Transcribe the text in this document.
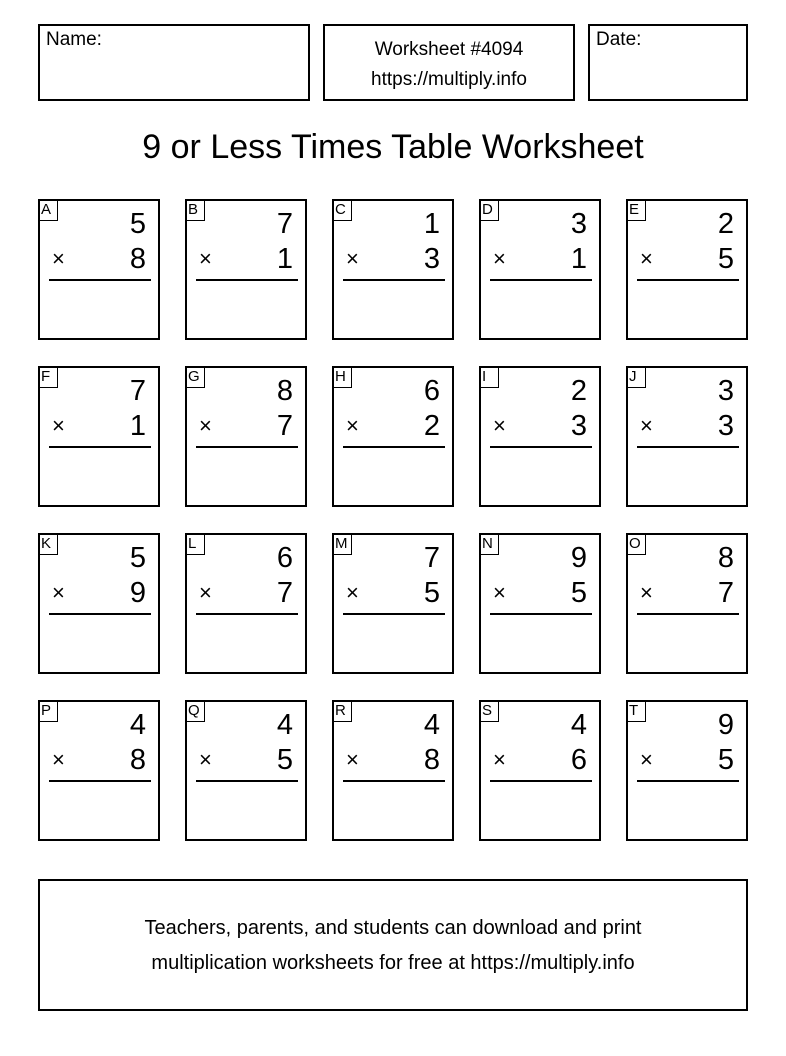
Name:	Worksheet #4094
https://multiply.info
Date:
9 or Less Times Table Worksheet
A	5
× 8
B	7
× 1
C	1
× 3
D	3
× 1
E	2
× 5
F	7
× 1
G	8
× 7
H	6
× 2
I	2
× 3
J	3
× 3
K	5
× 9
L	6
× 7
M	7
× 5
N	9
× 5
O	8
× 7
P	4
× 8
Q	4
× 5
R	4
× 8
S	4
× 6
T	9
× 5
Teachers, parents, and students can download and print
multiplication worksheets for free at https://multiply.info
